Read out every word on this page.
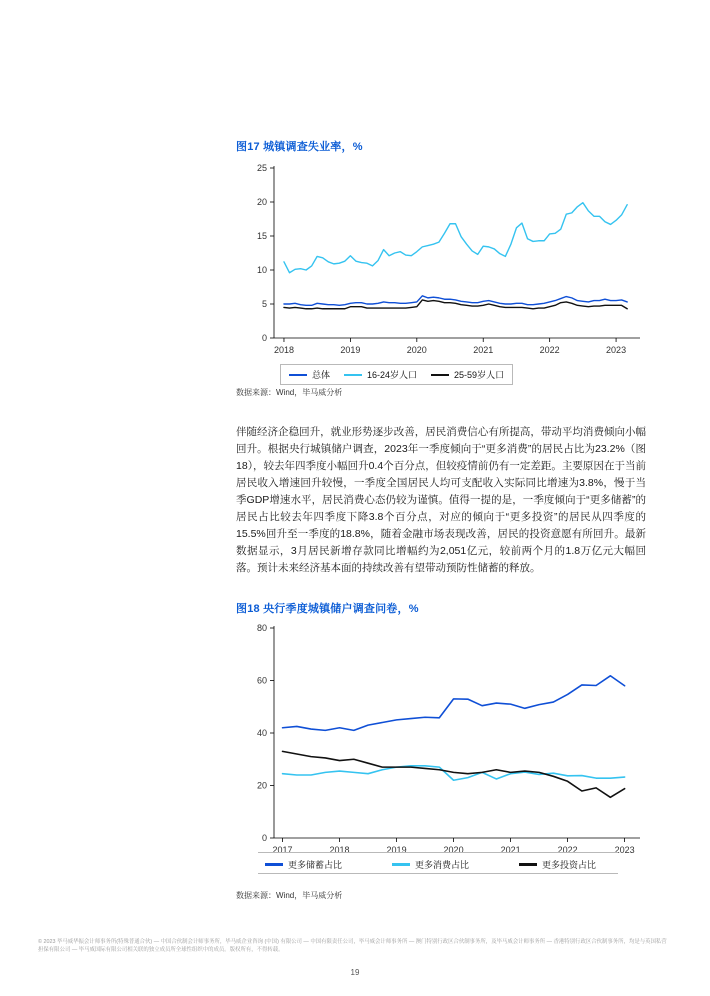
图17 城镇调查失业率，%
0
5
10
15
20
25
2018	2019	2020	2021	2022	2023
总体	16-24岁人口	25-59岁人口
数据来源：Wind，毕马威分析
伴随经济企稳回升，就业形势逐步改善，居民消费信心有所提高，带动平均消费倾向小幅回升。根据央行城镇储户调查，2023年一季度倾向于“更多消费”的居民占比为23.2%（图18），较去年四季度小幅回升0.4个百分点，但较疫情前仍有一定差距。主要原因在于当前居民收入增速回升较慢，一季度全国居民人均可支配收入实际同比增速为3.8%，慢于当季GDP增速水平，居民消费心态仍较为谨慎。值得一提的是，一季度倾向于“更多储蓄”的居民占比较去年四季度下降3.8个百分点，对应的倾向于“更多投资”的居民从四季度的15.5%回升至一季度的18.8%，随着金融市场表现改善，居民的投资意愿有所回升。最新数据显示，3月居民新增存款同比增幅约为2,051亿元，较前两个月的1.8万亿元大幅回落。预计未来经济基本面的持续改善有望带动预防性储蓄的释放。
图18 央行季度城镇储户调查问卷，%
0
20
40
60
80
2017	2018	2019	2020	2021	2022	2023
更多储蓄占比	更多消费占比	更多投资占比
数据来源：Wind，毕马威分析
© 2023 毕马威华振会计师事务所(特殊普通合伙) — 中国合伙制会计师事务所，毕马威企业咨询 (中国) 有限公司 — 中国有限责任公司，毕马威会计师事务所 — 澳门特别行政区合伙制事务所，及毕马威会计师事务所 — 香港特别行政区合伙制事务所，均是与英国私营担保有限公司 — 毕马威国际有限公司相关联的独立成员所全球性组织中的成员。版权所有，不得转载。
19
